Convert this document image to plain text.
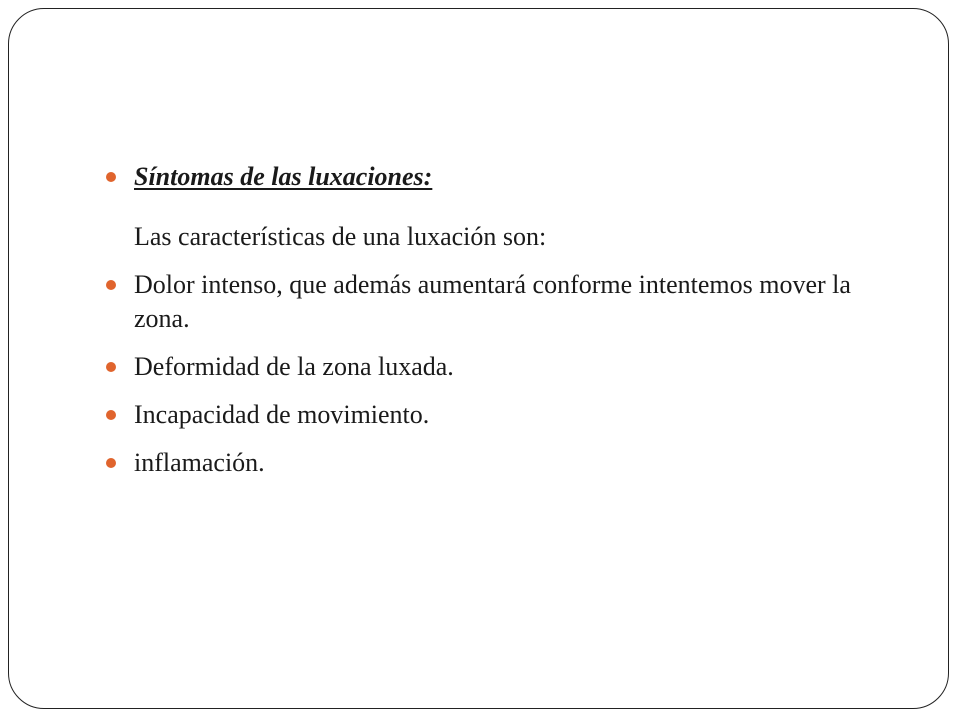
Síntomas de las luxaciones:
Las características de una luxación son:
Dolor intenso, que además aumentará conforme intentemos mover la zona.
Deformidad de la zona luxada.
Incapacidad de movimiento.
inflamación.
